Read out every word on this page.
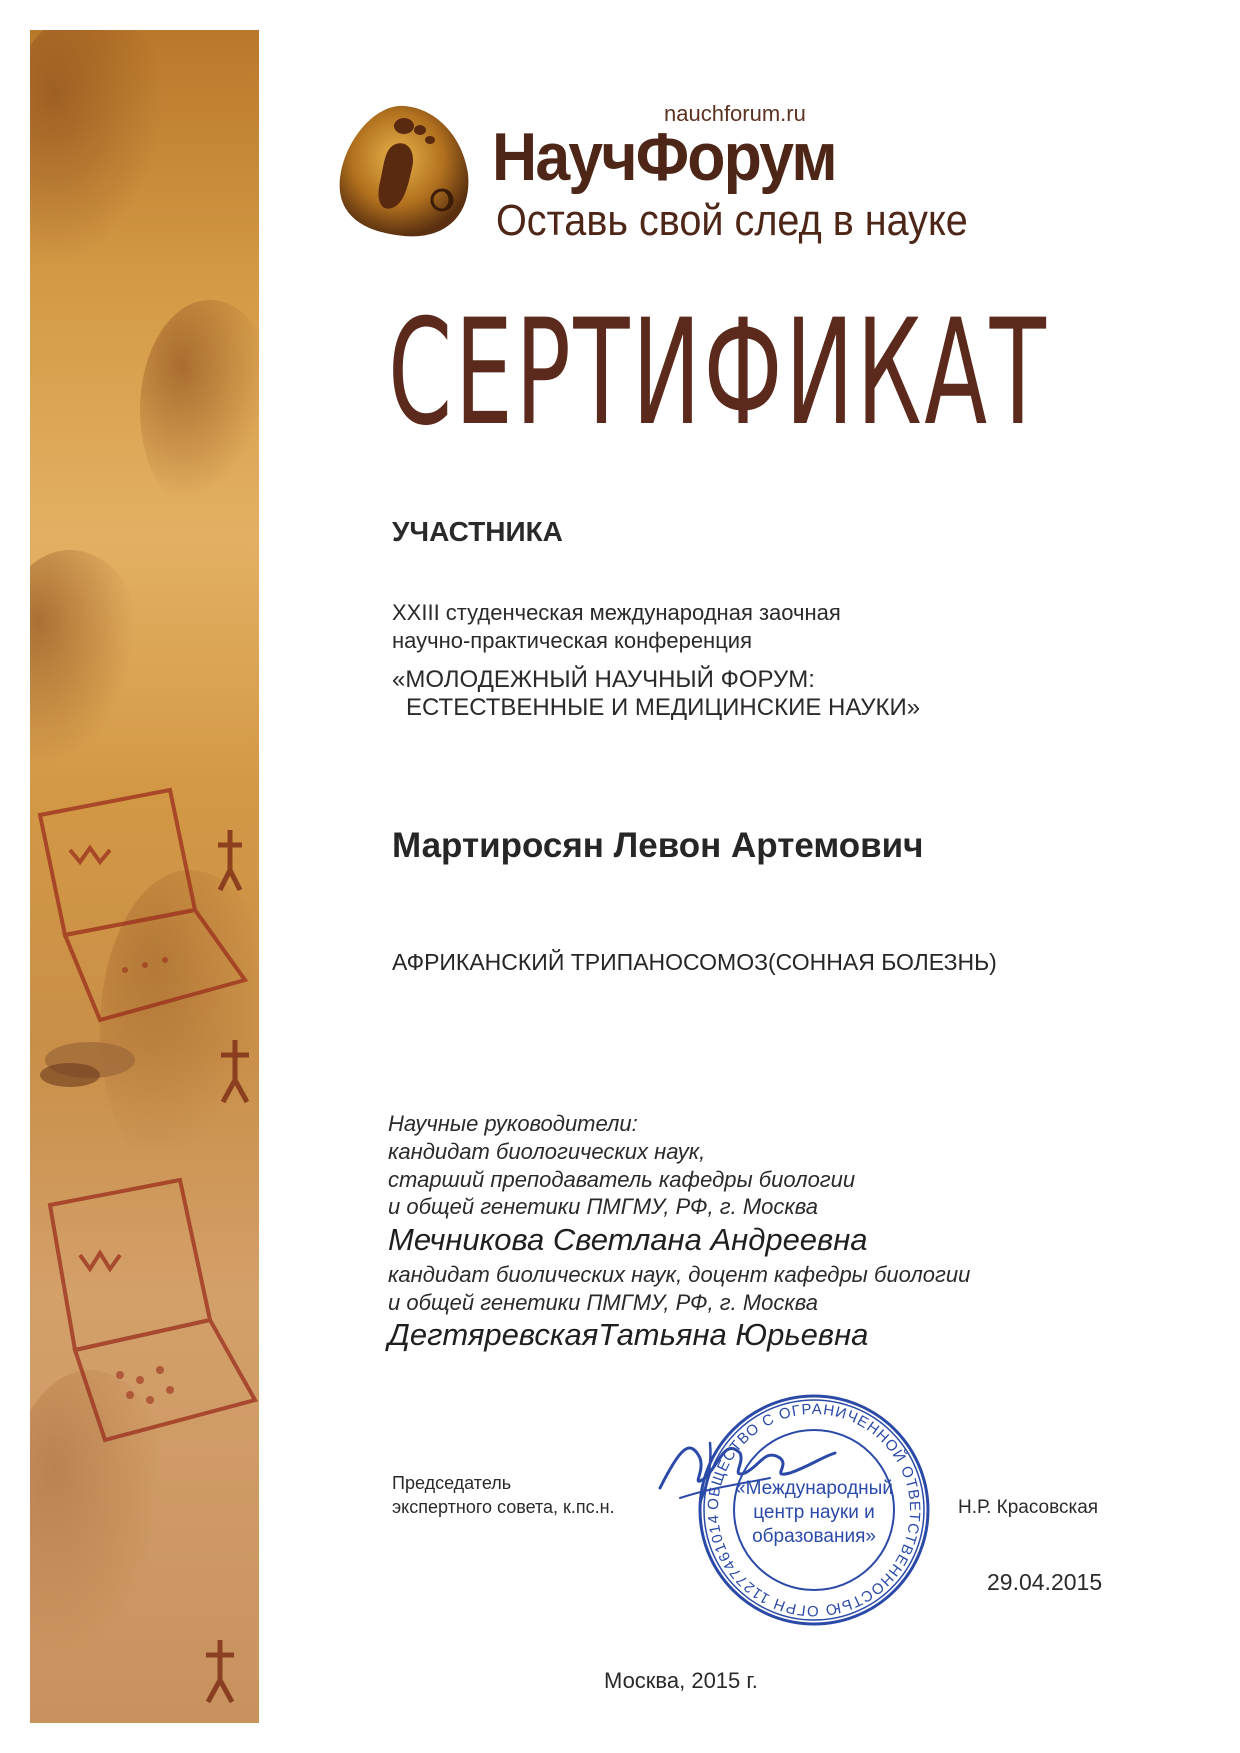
nauchforum.ru
НаучФорум
Оставь свой след в науке
СЕРТИФИКАТ
УЧАСТНИКА
XXIII студенческая международная заочная
научно-практическая конференция
«МОЛОДЕЖНЫЙ НАУЧНЫЙ ФОРУМ:
ЕСТЕСТВЕННЫЕ И МЕДИЦИНСКИЕ НАУКИ»
Мартиросян Левон Артемович
АФРИКАНСКИЙ ТРИПАНОСОМОЗ(СОННАЯ БОЛЕЗНЬ)
Научные руководители:
кандидат биологических наук,
старший преподаватель кафедры биологии
и общей генетики ПМГМУ, РФ, г. Москва
Мечникова Светлана Андреевна
кандидат биолических наук, доцент кафедры биологии
и общей генетики ПМГМУ, РФ, г. Москва
ДегтяревскаяТатьяна Юрьевна
Председатель
экспертного совета, к.пс.н.	Н.Р. Красовская
29.04.2015
Москва, 2015 г.
ОБЩЕСТВО С ОГРАНИЧЕННОЙ ОТВЕТСТВЕННОСТЬЮ ОГРН 11277461014
«Международный
центр науки и
образования»
